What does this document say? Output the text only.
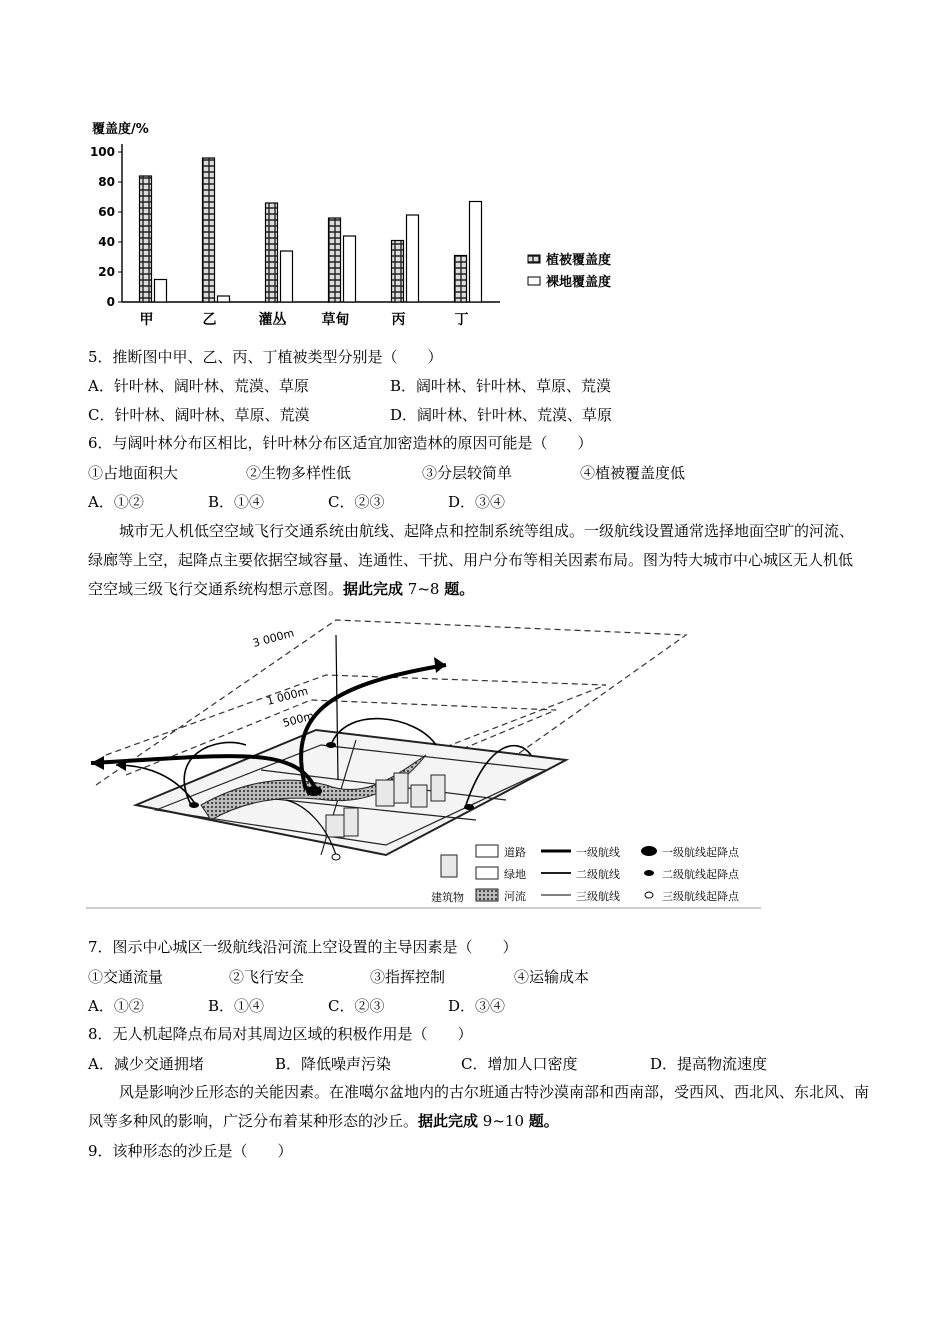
覆盖度/%
0
20
40
60
80
100
甲	乙	灌丛	草甸	丙	丁
植被覆盖度
裸地覆盖度
5．推断图中甲、乙、丙、丁植被类型分别是（　　）
A．针叶林、阔叶林、荒漠、草原	B．阔叶林、针叶林、草原、荒漠
C．针叶林、阔叶林、草原、荒漠	D．阔叶林、针叶林、荒漠、草原
6．与阔叶林分布区相比，针叶林分布区适宜加密造林的原因可能是（　　）
①占地面积大	②生物多样性低	③分层较简单	④植被覆盖度低
A．①②	B．①④	C．②③	D．③④
城市无人机低空空域飞行交通系统由航线、起降点和控制系统等组成。一级航线设置通常选择地面空旷的河流、绿廊等上空，起降点主要依据空域容量、连通性、干扰、用户分布等相关因素布局。图为特大城市中心城区无人机低空空域三级飞行交通系统构想示意图。据此完成 7~8 题。
3 000m
1 000m
500m
道路	一级航线	一级航线起降点
绿地	二级航线	二级航线起降点
建筑物	河流	三级航线	三级航线起降点
7．图示中心城区一级航线沿河流上空设置的主导因素是（　　）
①交通流量	②飞行安全	③指挥控制	④运输成本
A．①②	B．①④	C．②③	D．③④
8．无人机起降点布局对其周边区域的积极作用是（　　）
A．减少交通拥堵	B．降低噪声污染	C．增加人口密度	D．提高物流速度
风是影响沙丘形态的关能因素。在准噶尔盆地内的古尔班通古特沙漠南部和西南部，受西风、西北风、东北风、南风等多种风的影响，广泛分布着某种形态的沙丘。据此完成 9~10 题。
9．该种形态的沙丘是（　　）
